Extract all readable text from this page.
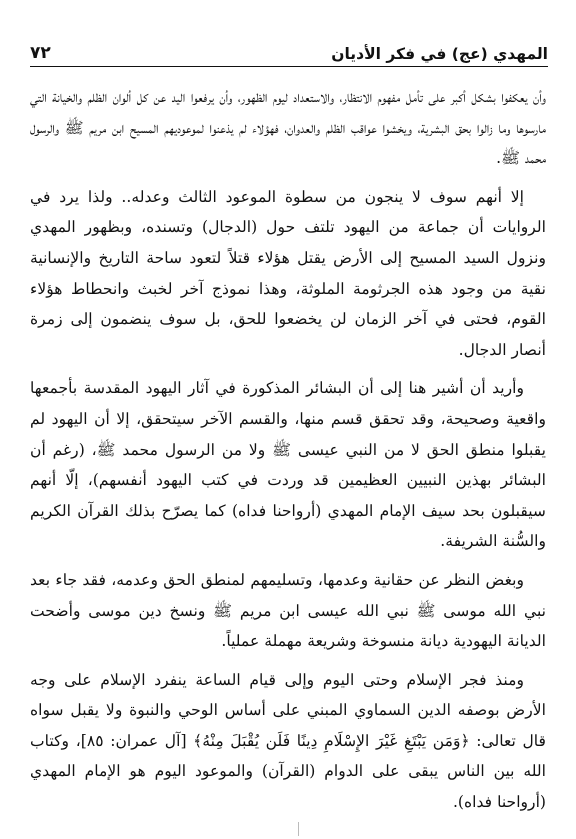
٧٢	المهدي (عج) في فكر الأديان

وأن يعكفوا بشكل أكبر على تأمل مفهوم الانتظار، والاستعداد ليوم الظهور، وأن يرفعوا اليد عن كل ألوان الظلم والخيانة التي مارسوها وما زالوا بحق البشرية، ويخشوا عواقب الظلم والعدوان، فهؤلاء لم يذعنوا لموعوديهم المسيح ابن مريم ﷺ والرسول محمد ﷺ.

إلا أنهم سوف لا ينجون من سطوة الموعود الثالث وعدله.. ولذا يرد في الروايات أن جماعة من اليهود تلتف حول (الدجال) وتسنده، وبظهور المهدي ونزول السيد المسيح إلى الأرض يقتل هؤلاء قتلاً لتعود ساحة التاريخ والإنسانية نقية من وجود هذه الجرثومة الملوثة، وهذا نموذج آخر لخبث وانحطاط هؤلاء القوم، فحتى في آخر الزمان لن يخضعوا للحق، بل سوف ينضمون إلى زمرة أنصار الدجال.

وأريد أن أشير هنا إلى أن البشائر المذكورة في آثار اليهود المقدسة بأجمعها واقعية وصحيحة، وقد تحقق قسم منها، والقسم الآخر سيتحقق، إلا أن اليهود لم يقبلوا منطق الحق لا من النبي عيسى ﷺ ولا من الرسول محمد ﷺ، (رغم أن البشائر بهذين النبيين العظيمين قد وردت في كتب اليهود أنفسهم)، إلّا أنهم سيقبلون بحد سيف الإمام المهدي (أرواحنا فداه) كما يصرّح بذلك القرآن الكريم والسُّنة الشريفة.

وبغض النظر عن حقانية وعدمها، وتسليمهم لمنطق الحق وعدمه، فقد جاء بعد نبي الله موسى ﷺ نبي الله عيسى ابن مريم ﷺ ونسخ دين موسى وأضحت الديانة اليهودية ديانة منسوخة وشريعة مهملة عملياً.

ومنذ فجر الإسلام وحتى اليوم وإلى قيام الساعة ينفرد الإسلام على وجه الأرض بوصفه الدين السماوي المبني على أساس الوحي والنبوة ولا يقبل سواه قال تعالى: ﴿وَمَن يَبْتَغِ غَيْرَ الإِسْلَامِ دِينًا فَلَن يُقْبَلَ مِنْهُ﴾ [آل عمران: ٨٥]، وكتاب الله بين الناس يبقى على الدوام (القرآن) والموعود اليوم هو الإمام المهدي (أرواحنا فداه).
